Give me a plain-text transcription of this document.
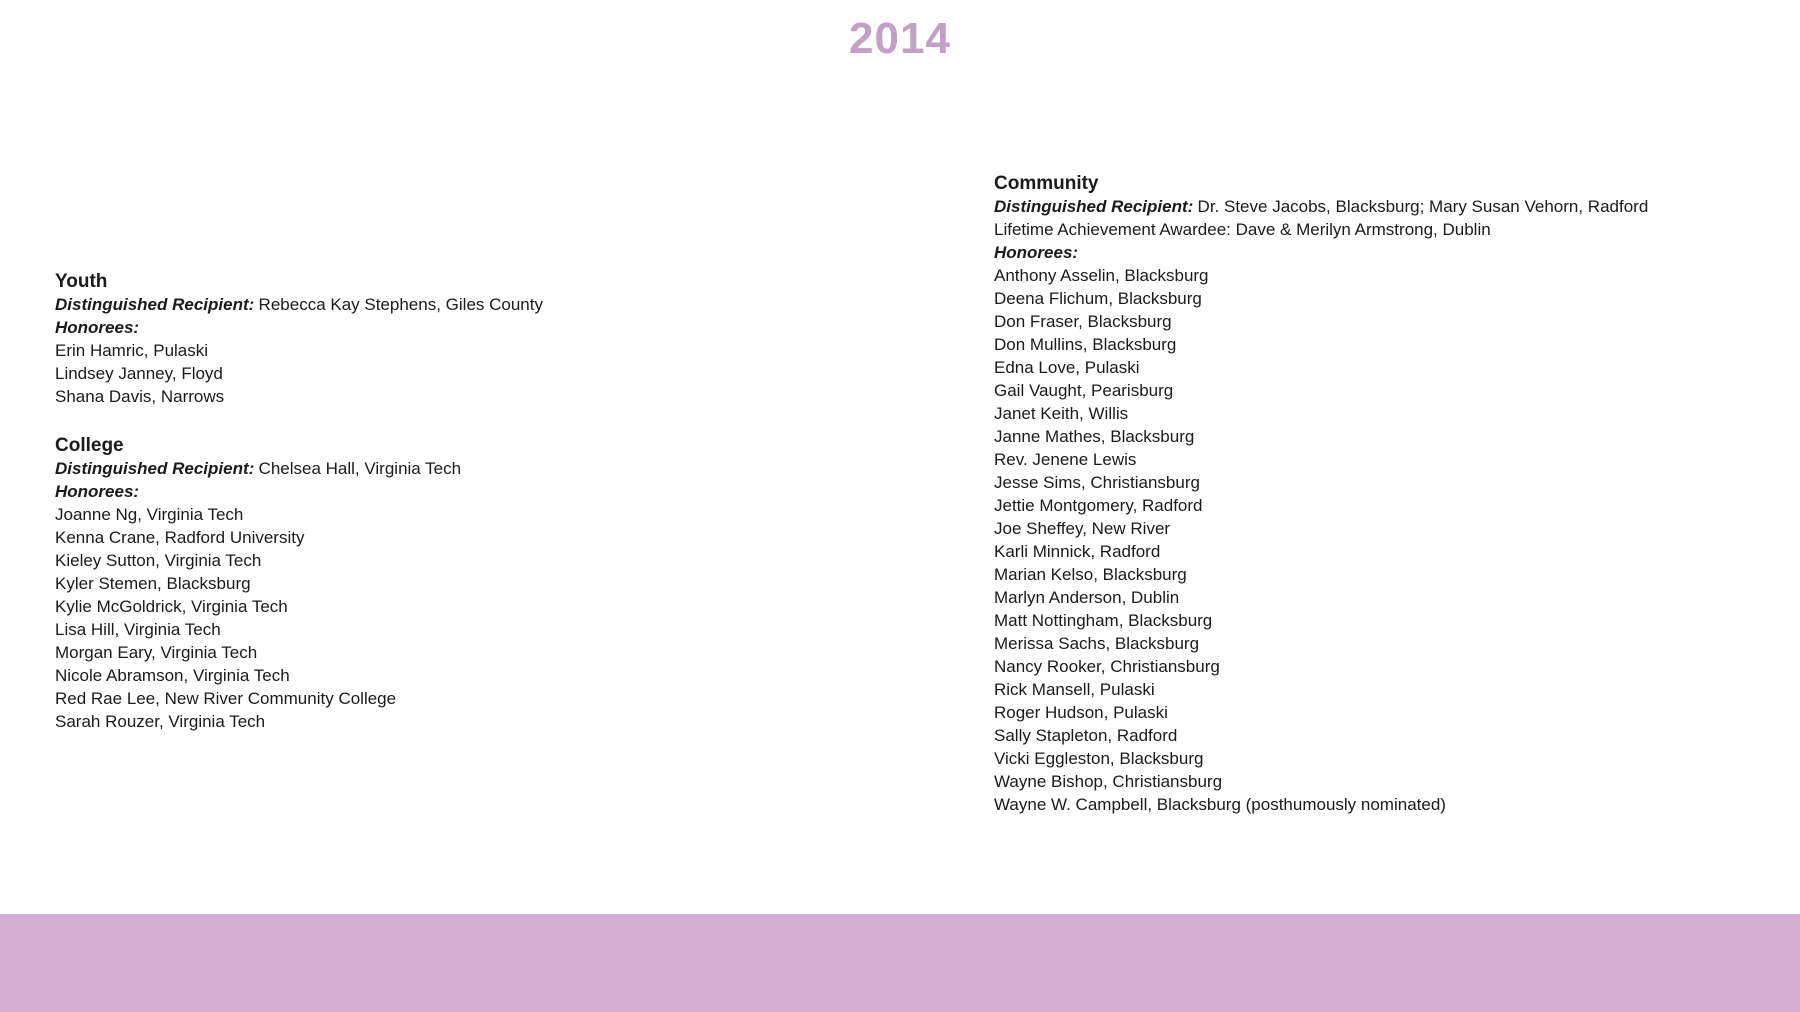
2014
Youth

Distinguished Recipient: Rebecca Kay Stephens, Giles County

Honorees:

Erin Hamric, Pulaski

Lindsey Janney, Floyd

Shana Davis, Narrows

College

Distinguished Recipient: Chelsea Hall, Virginia Tech

Honorees:

Joanne Ng, Virginia Tech

Kenna Crane, Radford University

Kieley Sutton, Virginia Tech

Kyler Stemen, Blacksburg

Kylie McGoldrick, Virginia Tech

Lisa Hill, Virginia Tech

Morgan Eary, Virginia Tech

Nicole Abramson, Virginia Tech

Red Rae Lee, New River Community College

Sarah Rouzer, Virginia Tech

Community

Distinguished Recipient: Dr. Steve Jacobs, Blacksburg; Mary Susan Vehorn, Radford

Lifetime Achievement Awardee: Dave & Merilyn Armstrong, Dublin

Honorees:

Anthony Asselin, Blacksburg

Deena Flichum, Blacksburg

Don Fraser, Blacksburg

Don Mullins, Blacksburg

Edna Love, Pulaski

Gail Vaught, Pearisburg

Janet Keith, Willis

Janne Mathes, Blacksburg

Rev. Jenene Lewis

Jesse Sims, Christiansburg

Jettie Montgomery, Radford

Joe Sheffey, New River

Karli Minnick, Radford

Marian Kelso, Blacksburg

Marlyn Anderson, Dublin

Matt Nottingham, Blacksburg

Merissa Sachs, Blacksburg

Nancy Rooker, Christiansburg

Rick Mansell, Pulaski

Roger Hudson, Pulaski

Sally Stapleton, Radford

Vicki Eggleston, Blacksburg

Wayne Bishop, Christiansburg

Wayne W. Campbell, Blacksburg (posthumously nominated)
